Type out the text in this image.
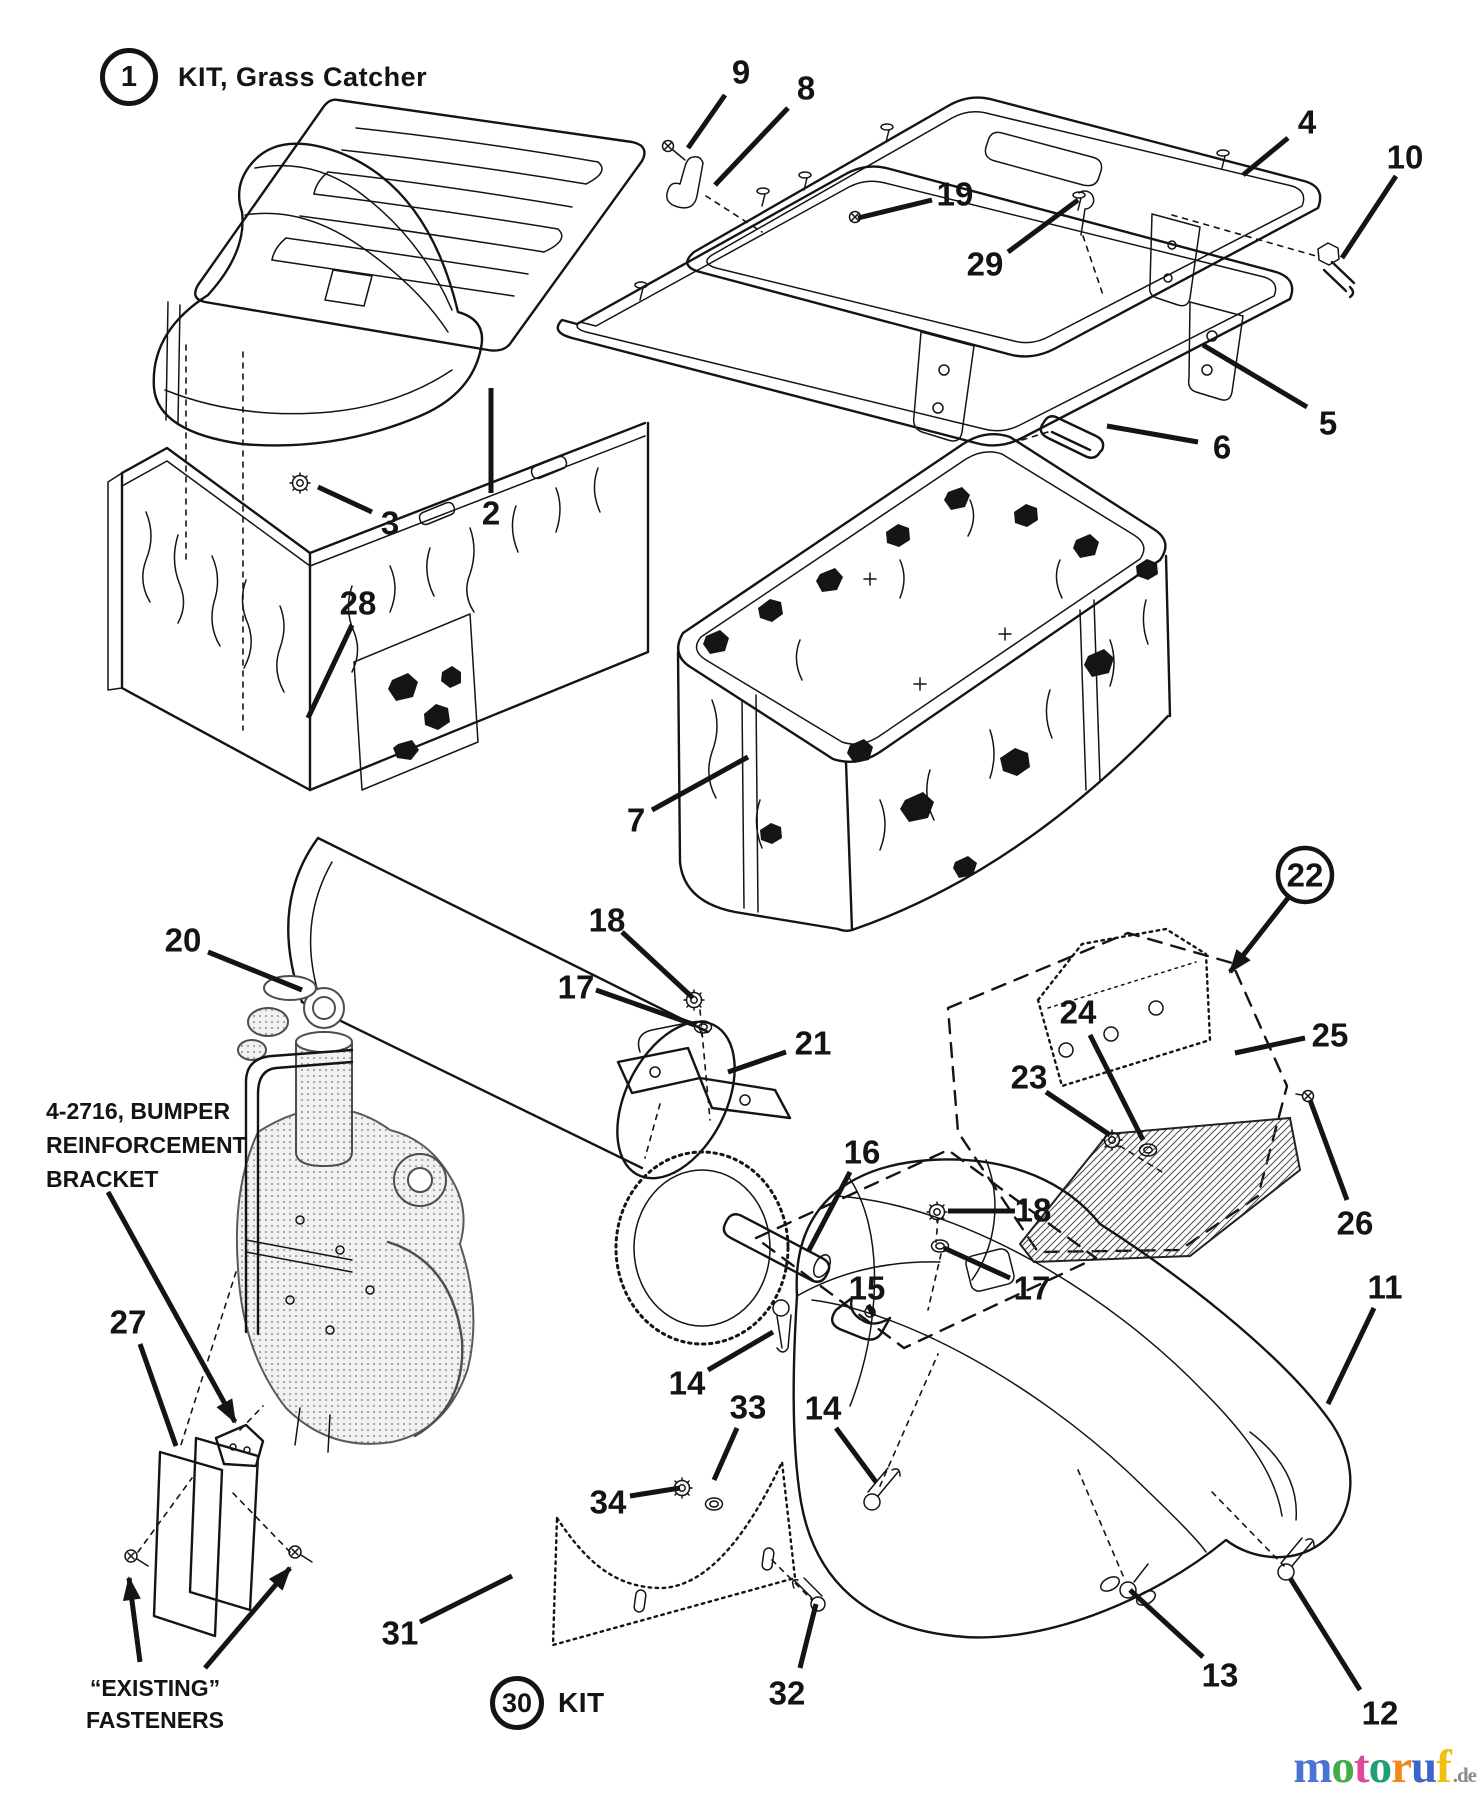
9 8
4
10
19
29
5
6
2
3
28
7
20
18
17
21
24
23
25
22
26
16
18
17
15	11
14
33 14
34
31
32	13
12
27
1	KIT, Grass Catcher
4-2716, BUMPER
REINFORCEMENT
BRACKET
“EXISTING”
FASTENERS
30 KIT
motoruf .de
